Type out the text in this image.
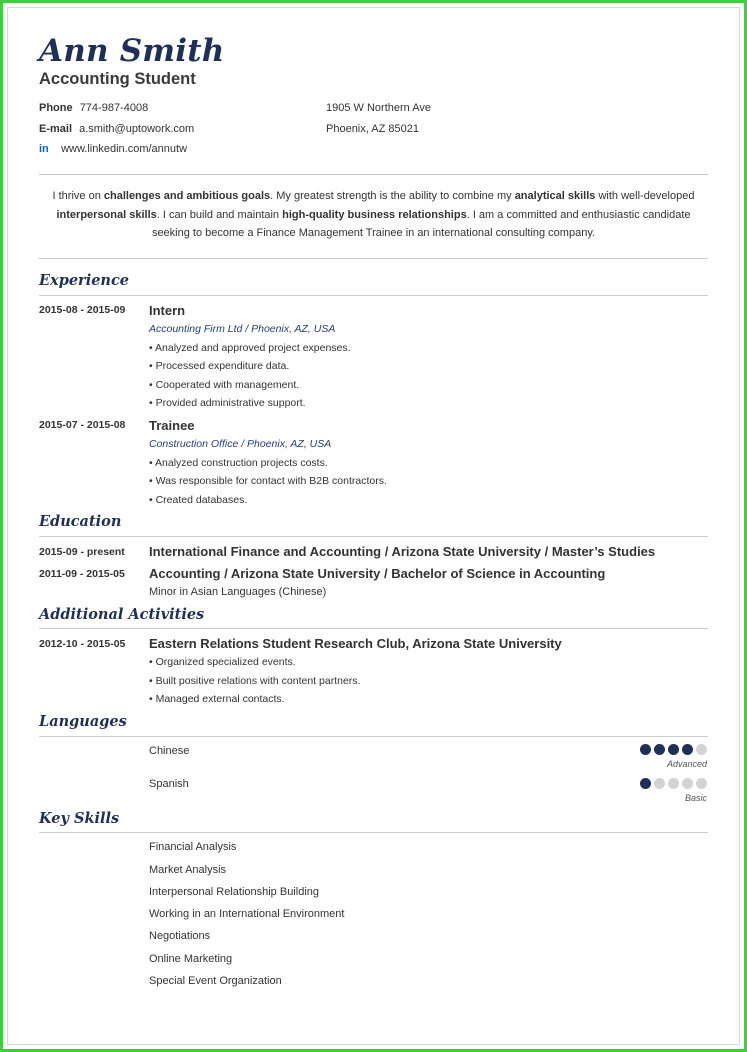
Ann Smith
Accounting Student
Phone 774-987-4008
E-mail a.smith@uptowork.com
in www.linkedin.com/annutw
1905 W Northern Ave
Phoenix, AZ 85021
I thrive on challenges and ambitious goals. My greatest strength is the ability to combine my analytical skills with well-developed interpersonal skills. I can build and maintain high-quality business relationships. I am a committed and enthusiastic candidate seeking to become a Finance Management Trainee in an international consulting company.
Experience
2015-08 - 2015-09 Intern
Accounting Firm Ltd / Phoenix, AZ, USA
• Analyzed and approved project expenses.
• Processed expenditure data.
• Cooperated with management.
• Provided administrative support.
2015-07 - 2015-08 Trainee
Construction Office / Phoenix, AZ, USA
• Analyzed construction projects costs.
• Was responsible for contact with B2B contractors.
• Created databases.
Education
2015-09 - present International Finance and Accounting / Arizona State University / Master’s Studies
2011-09 - 2015-05 Accounting / Arizona State University / Bachelor of Science in Accounting
Minor in Asian Languages (Chinese)
Additional Activities
2012-10 - 2015-05 Eastern Relations Student Research Club, Arizona State University
• Organized specialized events.
• Built positive relations with content partners.
• Managed external contacts.
Languages
Chinese
Advanced
Spanish
Basic
Key Skills
Financial Analysis
Market Analysis
Interpersonal Relationship Building
Working in an International Environment
Negotiations
Online Marketing
Special Event Organization
